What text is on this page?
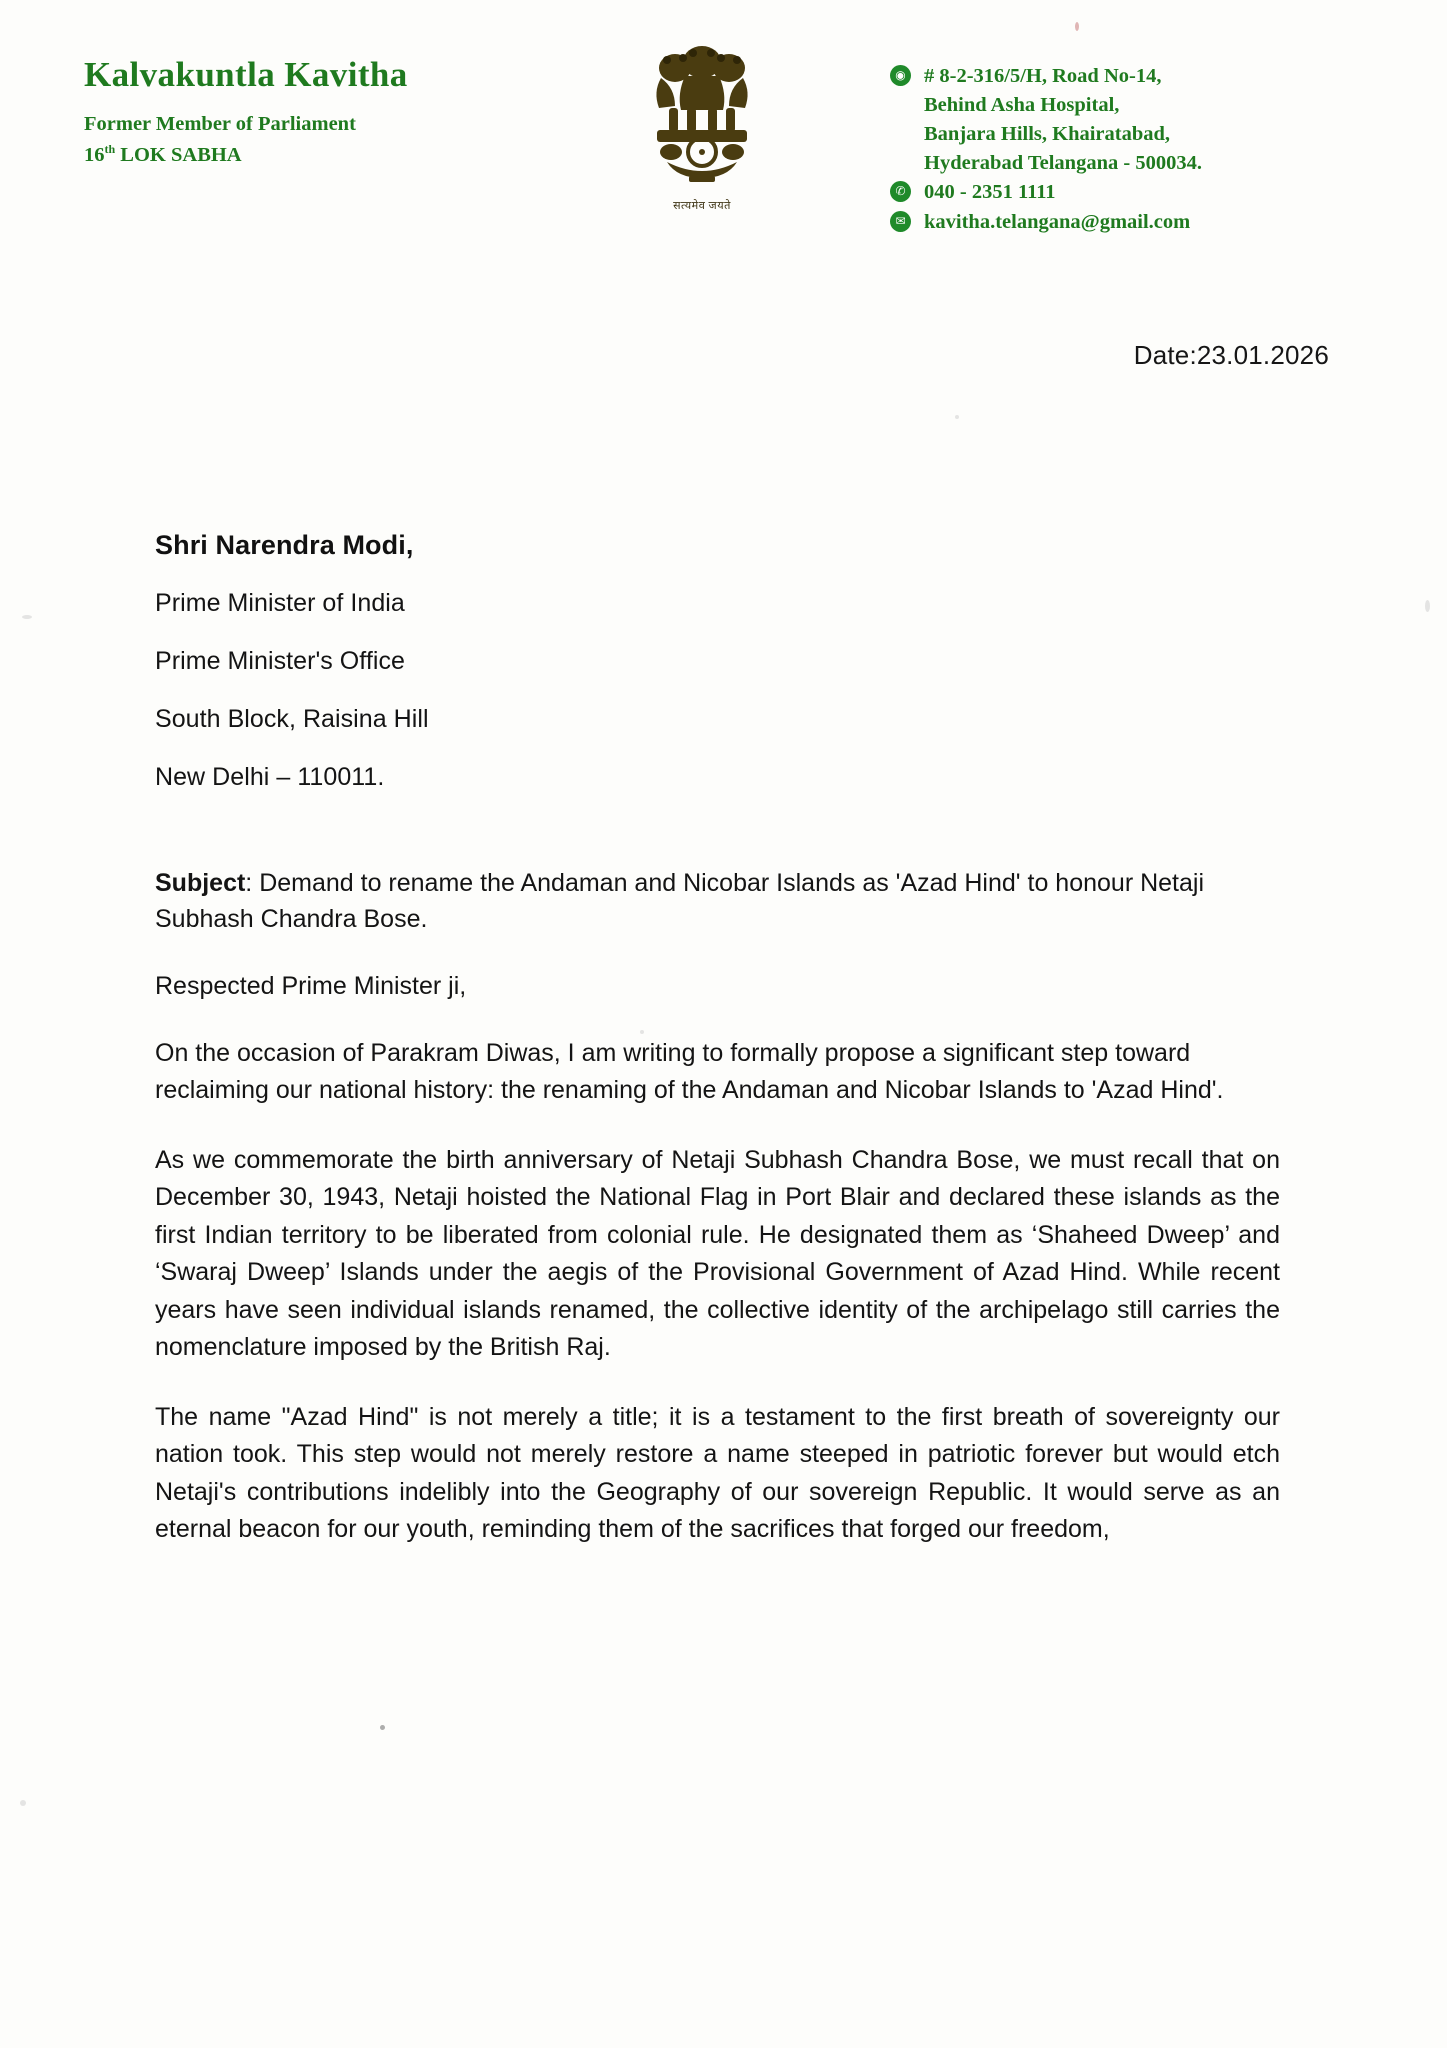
Kalvakuntla Kavitha
Former Member of Parliament
16th LOK SABHA
सत्यमेव जयते
◉ # 8-2-316/5/H, Road No-14,
Behind Asha Hospital,
Banjara Hills, Khairatabad,
Hyderabad Telangana - 500034.
✆ 040 - 2351 1111
✉ kavitha.telangana@gmail.com
Date:23.01.2026
Shri Narendra Modi,
Prime Minister of India
Prime Minister's Office
South Block, Raisina Hill
New Delhi – 110011.
Subject: Demand to rename the Andaman and Nicobar Islands as 'Azad Hind' to honour Netaji Subhash Chandra Bose.
Respected Prime Minister ji,

On the occasion of Parakram Diwas, I am writing to formally propose a significant step toward reclaiming our national history: the renaming of the Andaman and Nicobar Islands to 'Azad Hind'.

As we commemorate the birth anniversary of Netaji Subhash Chandra Bose, we must recall that on December 30, 1943, Netaji hoisted the National Flag in Port Blair and declared these islands as the first Indian territory to be liberated from colonial rule. He designated them as ‘Shaheed Dweep’ and ‘Swaraj Dweep’ Islands under the aegis of the Provisional Government of Azad Hind. While recent years have seen individual islands renamed, the collective identity of the archipelago still carries the nomenclature imposed by the British Raj.

The name "Azad Hind" is not merely a title; it is a testament to the first breath of sovereignty our nation took. This step would not merely restore a name steeped in patriotic forever but would etch Netaji's contributions indelibly into the Geography of our sovereign Republic. It would serve as an eternal beacon for our youth, reminding them of the sacrifices that forged our freedom,
